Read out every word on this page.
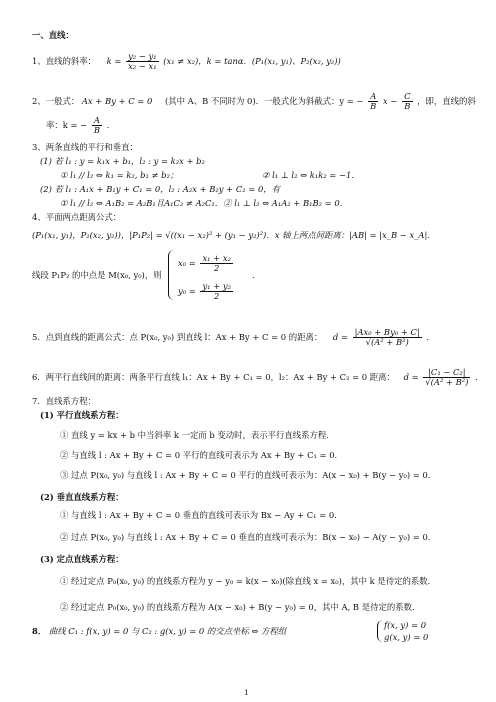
一、直线：
1、直线的斜率： $k = \frac{\text{y₂ − y₁}}{\text{x₂ − x₁}} (x_1 \ne x_2)$，k = tanα．(P₁(x₁, y₁)、P₂(x₂, y₂))
2、一般式： Ax + By + C = 0 (其中 A、B 不同时为 0)．一般式化为斜截式：y = − $\frac{A}{B}$ $x - \frac{C}{B}$ ，即，直线的斜
率：k = − $\frac{A}{B}$ ．
3、两条直线的平行和垂直：
(1) 若 l₁ : y = k₁x + b₁，l₂ : y = k₂x + b₂
① l₁ // l₂ ⇔ k₁ = k₂, b₁ ≠ b₂；	② l₁ ⊥ l₂ ⇔ k₁k₂ = −1．
(2) 若 l₁ : A₁x + B₁y + C₁ = 0，l₂ : A₂x + B₂y + C₂ = 0，有
① l₁ // l₂ ⇔ A₁B₂ = A₂B₁且A₁C₂ ≠ A₂C₁．② l₁ ⊥ l₂ ⇔ A₁A₂ + B₁B₂ = 0．
4、平面两点距离公式：
(P₁(x₁, y₁)，P₂(x₂, y₂))，|P₁P₂| = √((x₁ − x₂)² + (y₁ − y₂)²)．x 轴上两点间距离：|AB| = |x_B − x_A|．
线段 P₁P₂ 的中点是 M(x₀, y₀)，则
$x_0 = \frac{\text{x₁ + x₂}}{2}$
$y_0 = \frac{\text{y₁ + y₂}}{2}$
．
5．点到直线的距离公式：点 P(x₀, y₀) 到直线 l：Ax + By + C = 0 的距离： $d = \frac{\text{|Ax₀ + By₀ + C|}}{\text{√(A² + B²)}}$ ．
6．两平行直线间的距离：两条平行直线 l₁：Ax + By + C₁ = 0，l₂：Ax + By + C₂ = 0 距离： $d = \frac{\text{|C₁ − C₂|}}{\text{√(A² + B²)}}$ ．
7．直线系方程：
(1) 平行直线系方程：
① 直线 y = kx + b 中当斜率 k 一定而 b 变动时，表示平行直线系方程．
② 与直线 l : Ax + By + C = 0 平行的直线可表示为 Ax + By + C₁ = 0．
③ 过点 P(x₀, y₀) 与直线 l : Ax + By + C = 0 平行的直线可表示为：A(x − x₀) + B(y − y₀) = 0．
(2) 垂直直线系方程：
① 与直线 l : Ax + By + C = 0 垂直的直线可表示为 Bx − Ay + C₁ = 0．
② 过点 P(x₀, y₀) 与直线 l : Ax + By + C = 0 垂直的直线可表示为：B(x − x₀) − A(y − y₀) = 0．
(3) 定点直线系方程：
① 经过定点 P₀(x₀, y₀) 的直线系方程为 y − y₀ = k(x − x₀)(除直线 x = x₀)，其中 k 是待定的系数．
② 经过定点 P₀(x₀, y₀) 的直线系方程为 A(x − x₀) + B(y − y₀) = 0，其中 A, B 是待定的系数．
8． 曲线 C₁ : f(x, y) = 0 与 C₂ : g(x, y) = 0 的交点坐标 ⇔ 方程组
f(x, y) = 0
g(x, y) = 0
1
